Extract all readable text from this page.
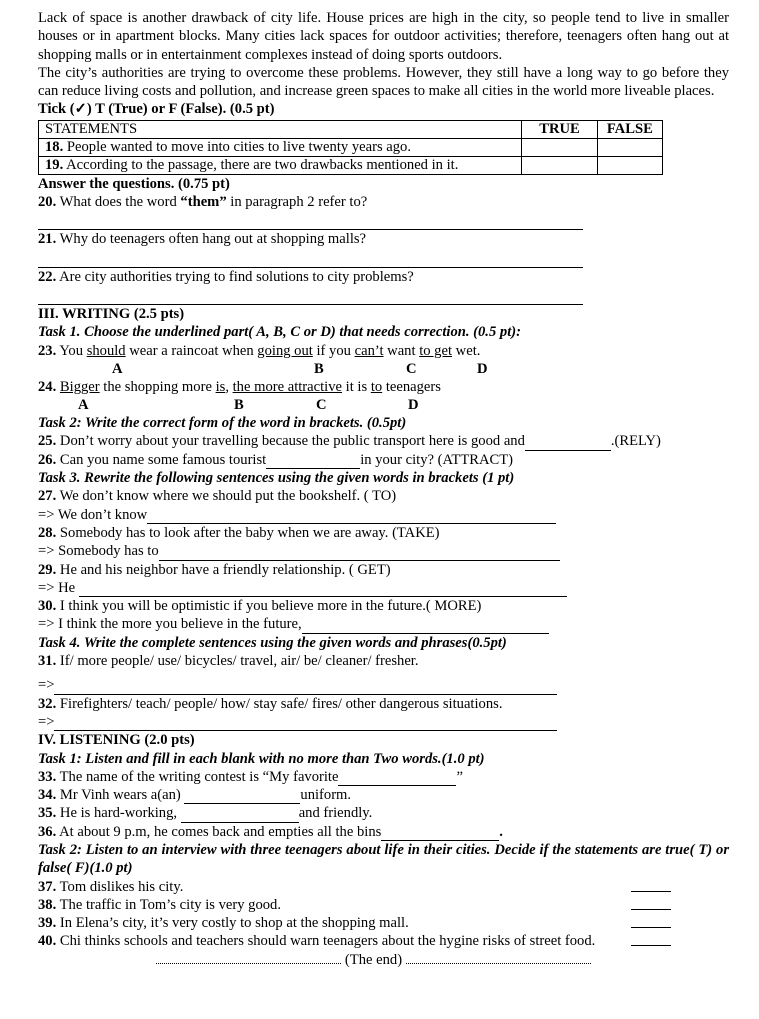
Lack of space is another drawback of city life. House prices are high in the city, so people tend to live in smaller houses or in apartment blocks. Many cities lack spaces for outdoor activities; therefore, teenagers often hang out at shopping malls or in entertainment complexes instead of doing sports outdoors.

The city’s authorities are trying to overcome these problems. However, they still have a long way to go before they can reduce living costs and pollution, and increase green spaces to make all cities in the world more liveable places.

Tick (✓) T (True) or F (False). (0.5 pt)

STATEMENTS	TRUE	FALSE
18. People wanted to move into cities to live twenty years ago.		
19. According to the passage, there are two drawbacks mentioned in it.		

Answer the questions. (0.75 pt)

20. What does the word “them” in paragraph 2 refer to?

21. Why do teenagers often hang out at shopping malls?

22. Are city authorities trying to find solutions to city problems?

III. WRITING (2.5 pts)

Task 1. Choose the underlined part( A, B, C or D) that needs correction. (0.5 pt):

23. You should wear a raincoat when going out if you can’t want to get wet.

A	B	C	D

24. Bigger the shopping more is, the more attractive it is to teenagers

A	B	C	D

Task 2: Write the correct form of the word in brackets. (0.5pt)

25. Don’t worry about your travelling because the public transport here is good and	.(RELY)

26. Can you name some famous tourist	in your city? (ATTRACT)

Task 3. Rewrite the following sentences using the given words in brackets (1 pt)

27. We don’t know where we should put the bookshelf. ( TO)

=> We don’t know

28. Somebody has to look after the baby when we are away. (TAKE)

=> Somebody has to

29. He and his neighbor have a friendly relationship. ( GET)

=> He

30. I think you will be optimistic if you believe more in the future.( MORE)

=> I think the more you believe in the future,

Task 4. Write the complete sentences using the given words and phrases(0.5pt)

31. If/ more people/ use/ bicycles/ travel, air/ be/ cleaner/ fresher.

=>

32. Firefighters/ teach/ people/ how/ stay safe/ fires/ other dangerous situations.

=>

IV. LISTENING (2.0 pts)

Task 1: Listen and fill in each blank with no more than Two words.(1.0 pt)

33. The name of the writing contest is “My favorite	”

34. Mr Vinh wears a(an)	uniform.

35. He is hard-working,	and friendly.

36. At about 9 p.m, he comes back and empties all the bins	.

Task 2: Listen to an interview with three teenagers about life in their cities. Decide if the statements are true( T) or false( F)(1.0 pt)

37. Tom dislikes his city.

38. The traffic in Tom’s city is very good.

39. In Elena’s city, it’s very costly to shop at the shopping mall.

40. Chi thinks schools and teachers should warn teenagers about the hygine risks of street food.

(The end)
